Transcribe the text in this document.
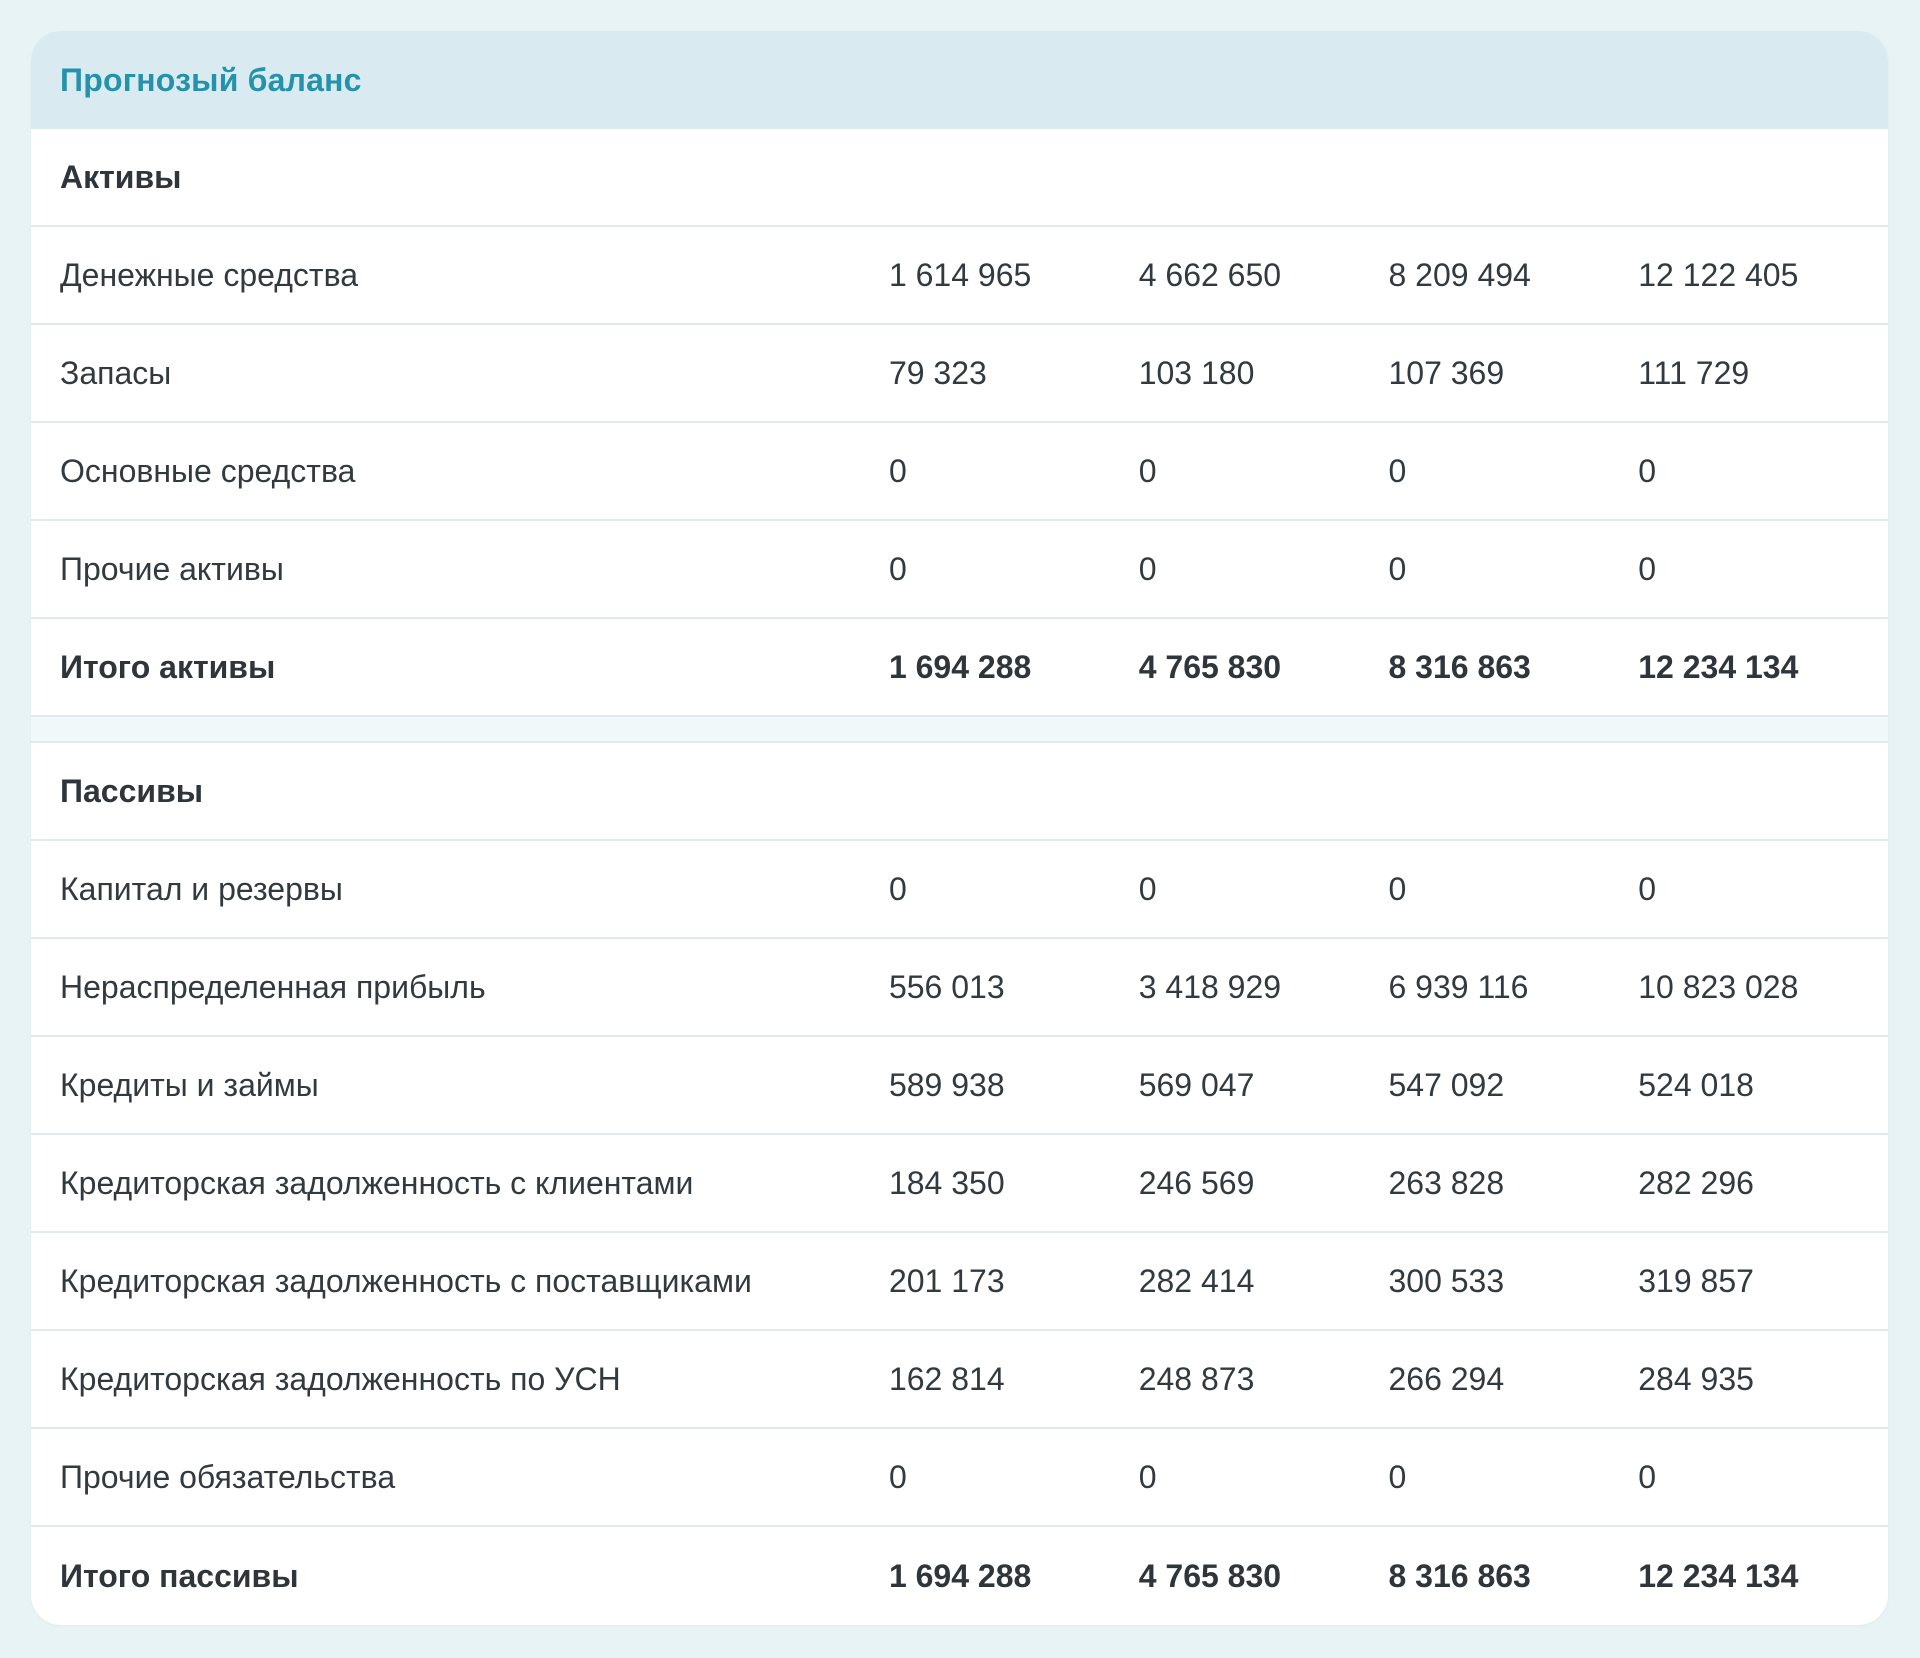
Прогнозый баланс
Активы
Денежные средства	1 614 965	4 662 650	8 209 494	12 122 405
Запасы	79 323	103 180	107 369	111 729
Основные средства	0	0	0	0
Прочие активы	0	0	0	0
Итого активы	1 694 288	4 765 830	8 316 863	12 234 134
Пассивы
Капитал и резервы	0	0	0	0
Нераспределенная прибыль	556 013	3 418 929	6 939 116	10 823 028
Кредиты и займы	589 938	569 047	547 092	524 018
Кредиторская задолженность с клиентами	184 350	246 569	263 828	282 296
Кредиторская задолженность с поставщиками	201 173	282 414	300 533	319 857
Кредиторская задолженность по УСН	162 814	248 873	266 294	284 935
Прочие обязательства	0	0	0	0
Итого пассивы	1 694 288	4 765 830	8 316 863	12 234 134
